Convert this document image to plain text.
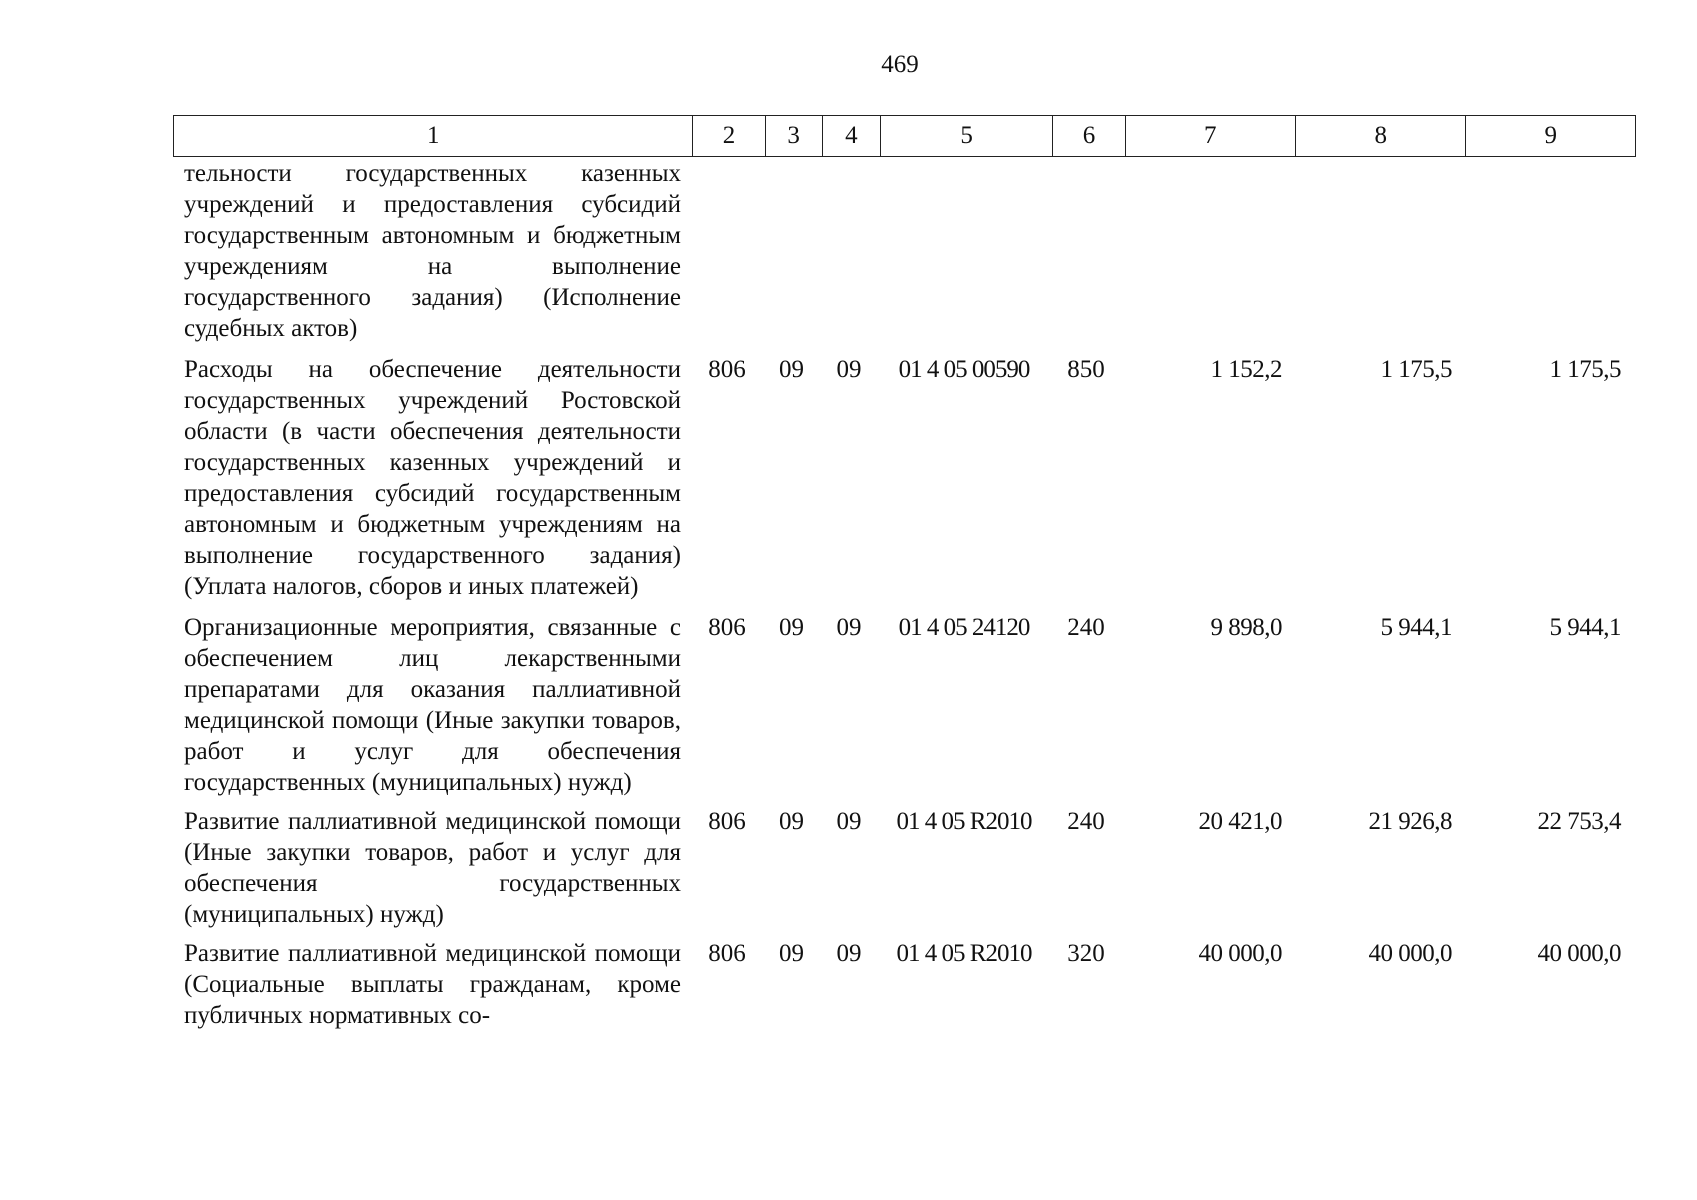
469
1	2	3	4	5	6	7	8	9
тельности государственных казенных учреждений и предоставления субсидий государственным автономным и бюджетным учреждениям на выполнение государственного задания) (Исполнение судебных актов)
Расходы на обеспечение деятельности государственных учреждений Ростовской области (в части обеспечения деятельности государственных казенных учреждений и предоставления субсидий государственным автономным и бюджетным учреждениям на выполнение государственного задания) (Уплата налогов, сборов и иных платежей)
806	09	09	01 4 05 00590	850	1 152,2	1 175,5	1 175,5
Организационные мероприятия, связанные с обеспечением лиц лекарственными препаратами для оказания паллиативной медицинской помощи (Иные закупки товаров, работ и услуг для обеспечения государственных (муниципальных) нужд)
806	09	09	01 4 05 24120	240	9 898,0	5 944,1	5 944,1
Развитие паллиативной медицинской помощи (Иные закупки товаров, работ и услуг для обеспечения государственных (муниципальных) нужд)
806	09	09	01 4 05 R2010	240	20 421,0	21 926,8	22 753,4
Развитие паллиативной медицинской помощи (Социальные выплаты гражданам, кроме публичных нормативных со-
806	09	09	01 4 05 R2010	320	40 000,0	40 000,0	40 000,0
